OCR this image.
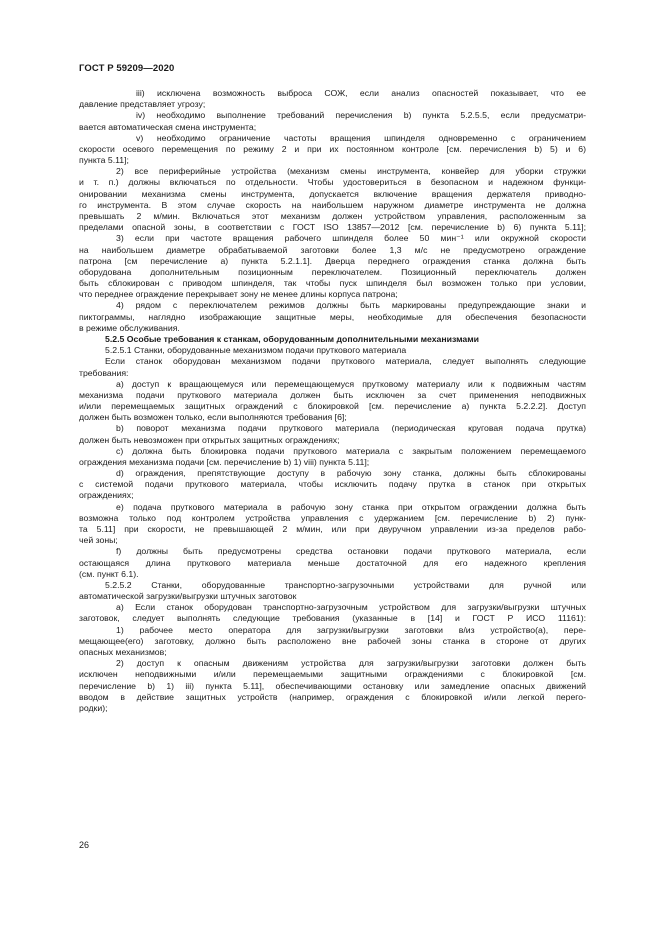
ГОСТ Р 59209—2020
iii) исключена возможность выброса СОЖ, если анализ опасностей показывает, что ее
давление представляет угрозу;
iv) необходимо выполнение требований перечисления b) пункта 5.2.5.5, если предусматри-
вается автоматическая смена инструмента;
v) необходимо ограничение частоты вращения шпинделя одновременно с ограничением
скорости осевого перемещения по режиму 2 и при их постоянном контроле [см. перечисления b) 5) и 6)
пункта 5.11];
2) все периферийные устройства (механизм смены инструмента, конвейер для уборки стружки
и т. п.) должны включаться по отдельности. Чтобы удостовериться в безопасном и надежном функци-
онировании механизма смены инструмента, допускается включение вращения держателя приводно-
го инструмента. В этом случае скорость на наибольшем наружном диаметре инструмента не должна
превышать 2 м/мин. Включаться этот механизм должен устройством управления, расположенным за
пределами опасной зоны, в соответствии с ГОСТ ISO 13857—2012 [см. перечисление b) 6) пункта 5.11];
3) если при частоте вращения рабочего шпинделя более 50 мин⁻¹ или окружной скорости
на наибольшем диаметре обрабатываемой заготовки более 1,3 м/с не предусмотрено ограждение
патрона [см перечисление а) пункта 5.2.1.1]. Дверца переднего ограждения станка должна быть
оборудована дополнительным позиционным переключателем. Позиционный переключатель должен
быть сблокирован с приводом шпинделя, так чтобы пуск шпинделя был возможен только при условии,
что переднее ограждение перекрывает зону не менее длины корпуса патрона;
4) рядом с переключателем режимов должны быть маркированы предупреждающие знаки и
пиктограммы, наглядно изображающие защитные меры, необходимые для обеспечения безопасности
в режиме обслуживания.
5.2.5 Особые требования к станкам, оборудованным дополнительными механизмами
5.2.5.1 Станки, оборудованные механизмом подачи пруткового материала
Если станок оборудован механизмом подачи пруткового материала, следует выполнять следующие
требования:
а) доступ к вращающемуся или перемещающемуся прутковому материалу или к подвижным частям
механизма подачи пруткового материала должен быть исключен за счет применения неподвижных
и/или перемещаемых защитных ограждений с блокировкой [см. перечисление а) пункта 5.2.2.2]. Доступ
должен быть возможен только, если выполняются требования [6];
b) поворот механизма подачи пруткового материала (периодическая круговая подача прутка)
должен быть невозможен при открытых защитных ограждениях;
c) должна быть блокировка подачи пруткового материала с закрытым положением перемещаемого
ограждения механизма подачи [см. перечисление b) 1) viii) пункта 5.11];
d) ограждения, препятствующие доступу в рабочую зону станка, должны быть сблокированы
с системой подачи пруткового материала, чтобы исключить подачу прутка в станок при открытых
ограждениях;
e) подача пруткового материала в рабочую зону станка при открытом ограждении должна быть
возможна только под контролем устройства управления с удержанием [см. перечисление b) 2) пунк-
та 5.11] при скорости, не превышающей 2 м/мин, или при двуручном управлении из-за пределов рабо-
чей зоны;
f) должны быть предусмотрены средства остановки подачи пруткового материала, если
остающаяся длина пруткового материала меньше достаточной для его надежного крепления
(см. пункт 6.1).
5.2.5.2 Станки, оборудованные транспортно-загрузочными устройствами для ручной или
автоматической загрузки/выгрузки штучных заготовок
а) Если станок оборудован транспортно-загрузочным устройством для загрузки/выгрузки штучных
заготовок, следует выполнять следующие требования (указанные в [14] и ГОСТ Р ИСО 11161):
1) рабочее место оператора для загрузки/выгрузки заготовки в/из устройство(а), пере-
мещающее(его) заготовку, должно быть расположено вне рабочей зоны станка в стороне от других
опасных механизмов;
2) доступ к опасным движениям устройства для загрузки/выгрузки заготовки должен быть
исключен неподвижными и/или перемещаемыми защитными ограждениями с блокировкой [см.
перечисление b) 1) iii) пункта 5.11], обеспечивающими остановку или замедление опасных движений
вводом в действие защитных устройств (например, ограждения с блокировкой и/или легкой перего-
родки);
26
